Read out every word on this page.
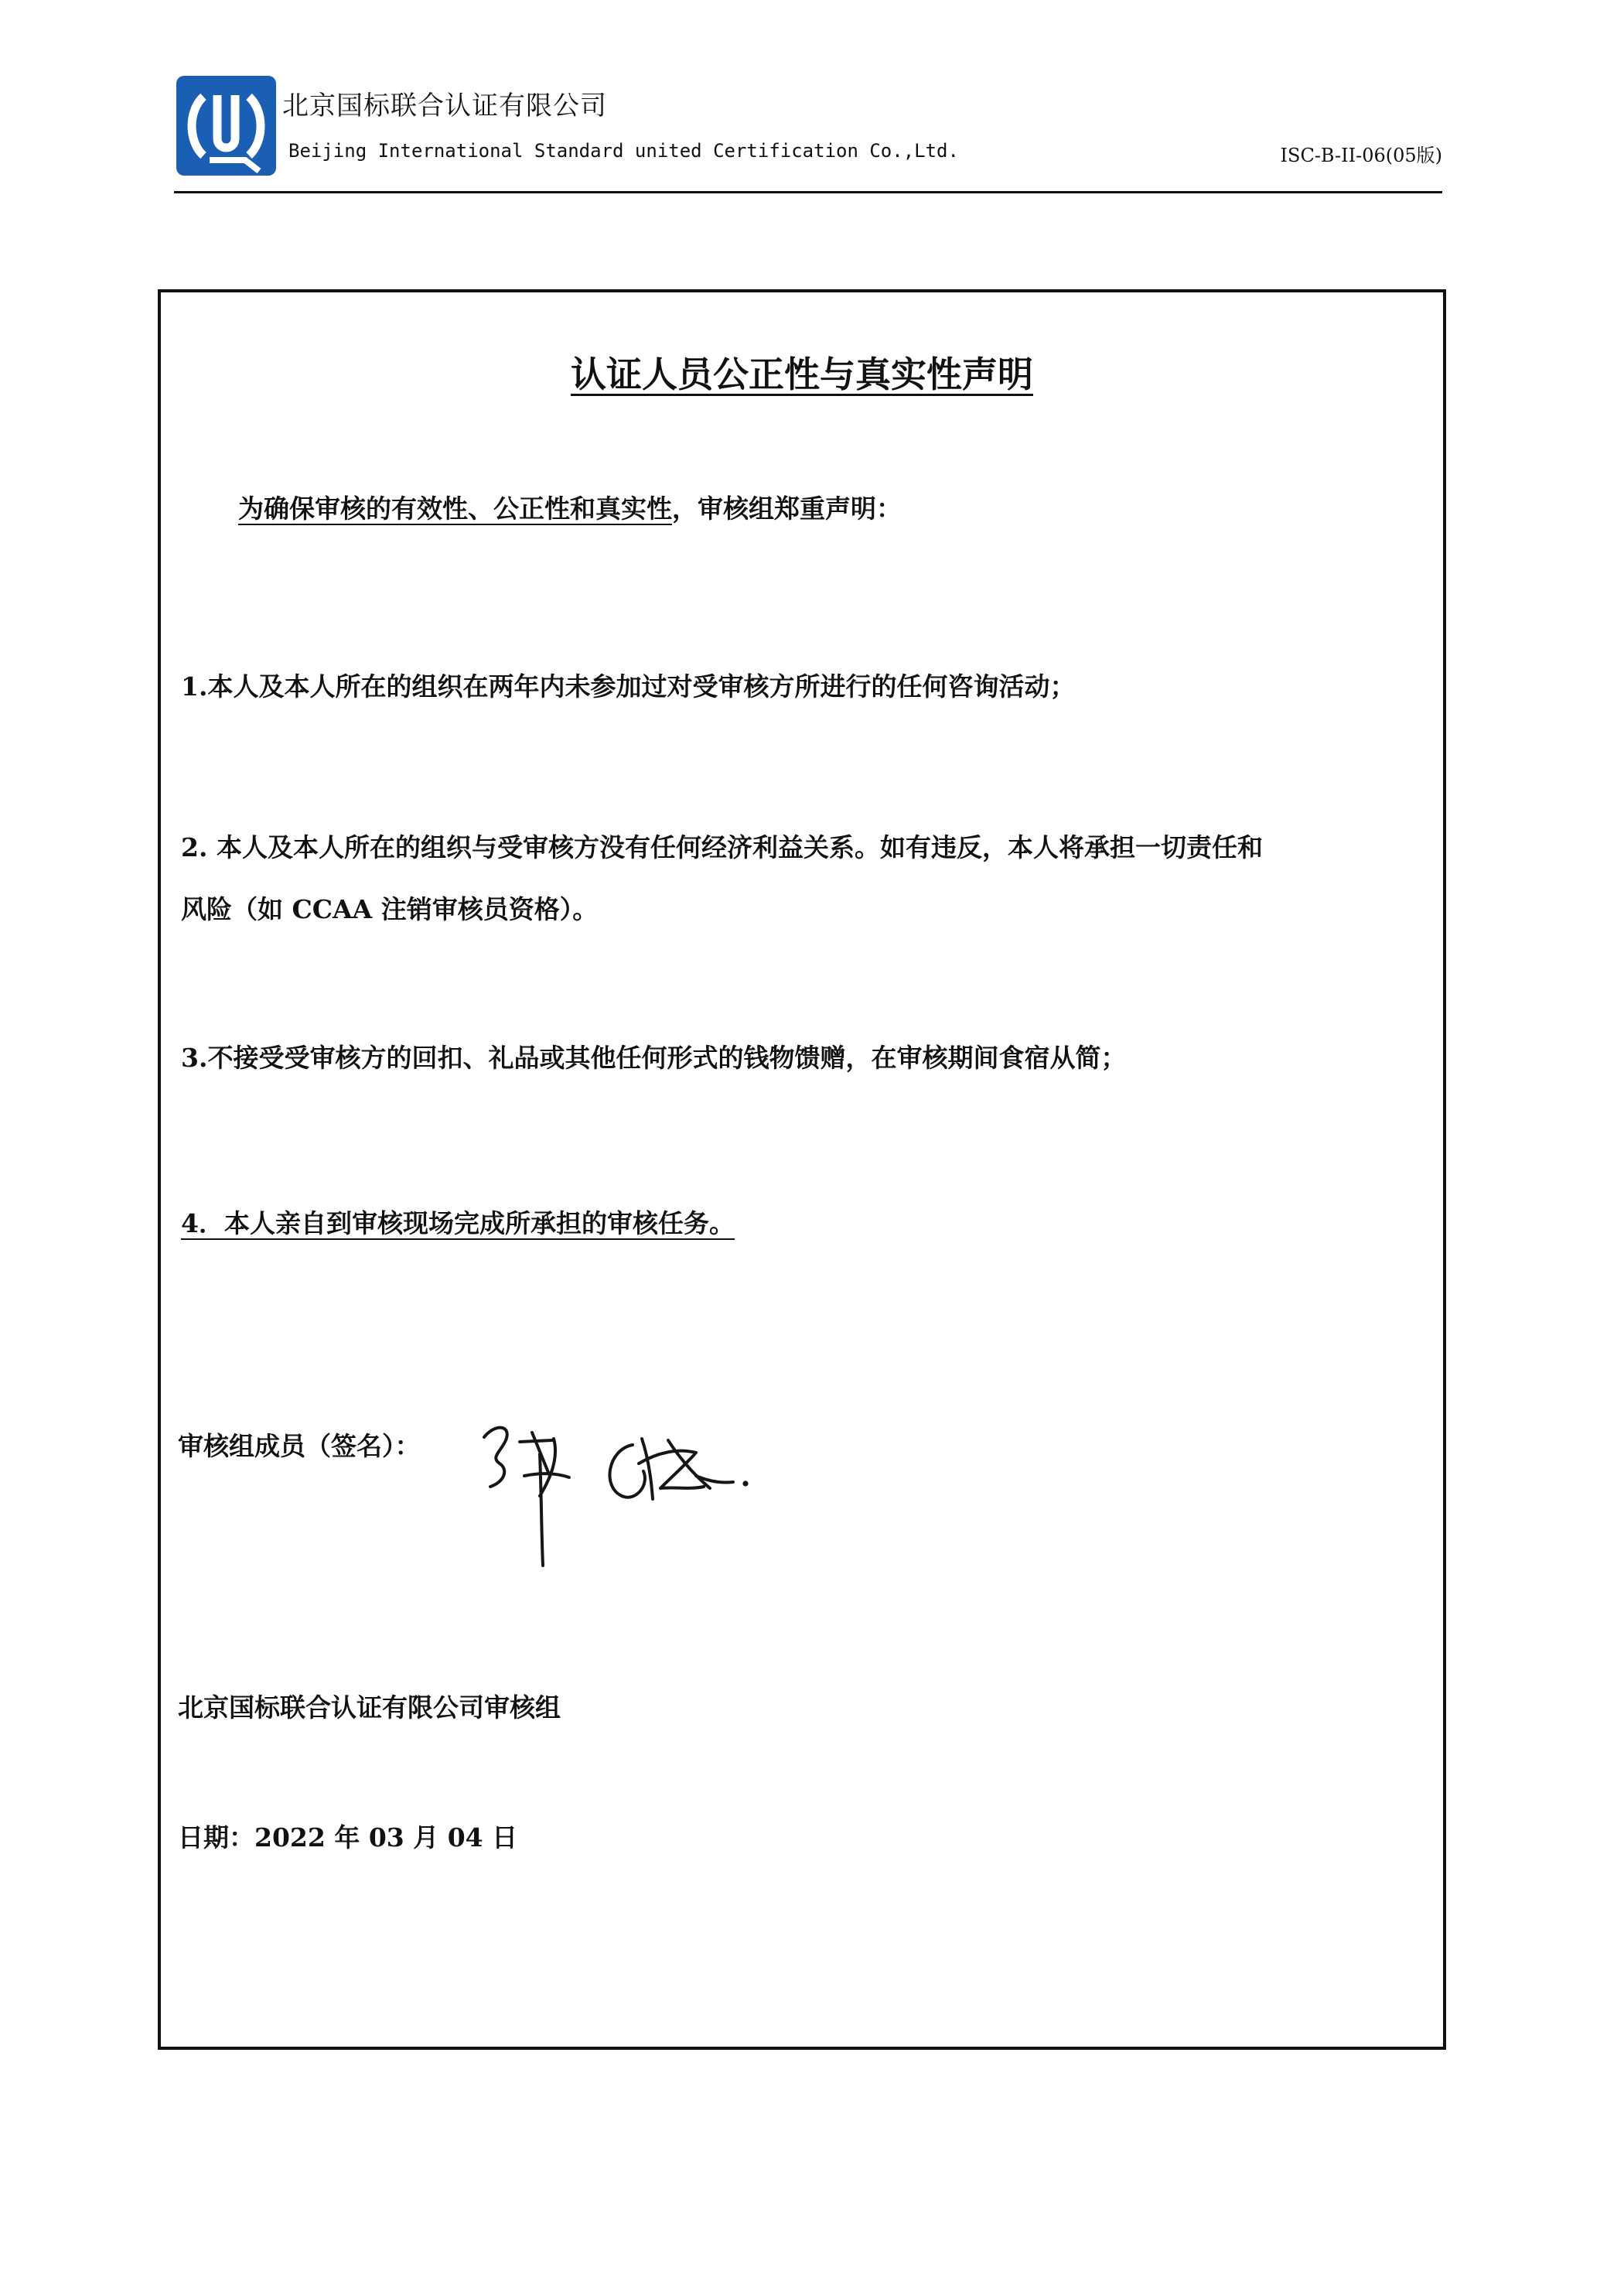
北京国标联合认证有限公司
Beijing International Standard united Certification Co.,Ltd.	ISC-B-II-06(05版)
认证人员公正性与真实性声明
为确保审核的有效性、公正性和真实性，审核组郑重声明：
1.本人及本人所在的组织在两年内未参加过对受审核方所进行的任何咨询活动；
2. 本人及本人所在的组织与受审核方没有任何经济利益关系。如有违反，本人将承担一切责任和
风险（如 CCAA 注销审核员资格）。
3.不接受受审核方的回扣、礼品或其他任何形式的钱物馈赠，在审核期间食宿从简；
4．本人亲自到审核现场完成所承担的审核任务。
审核组成员（签名）：
北京国标联合认证有限公司审核组
日期：2022 年 03 月 04 日
